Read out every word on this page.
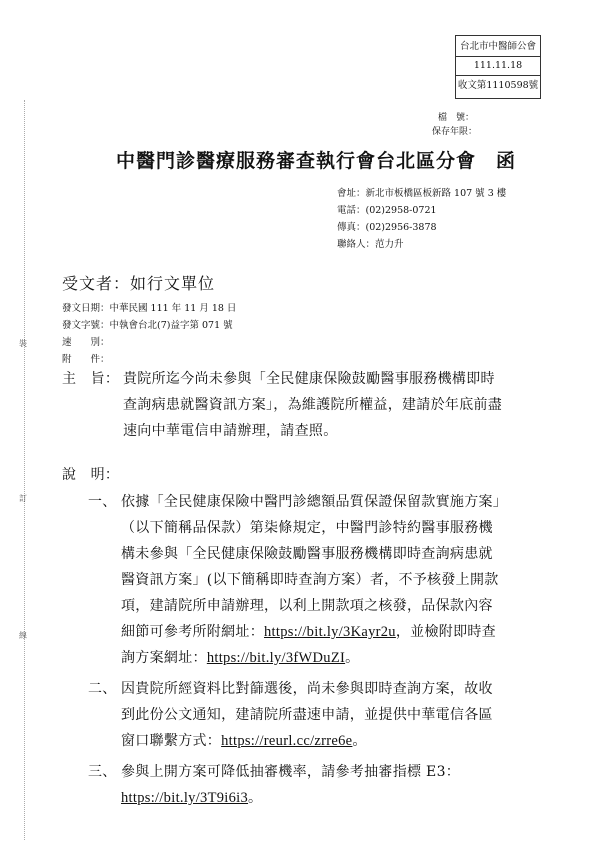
裝
訂
線
台北市中醫師公會
111.11.18
收文第1110598號
檔　號：
保存年限：
中醫門診醫療服務審查執行會台北區分會　函
會址：新北市板橋區板新路 107 號 3 樓
電話：(02)2958-0721
傳真：(02)2956-3878
聯絡人：范力升
受文者：如行文單位
發文日期：中華民國 111 年 11 月 18 日
發文字號：中執會台北(7)益字第 071 號
速　　別：
附　　件：
主　旨： 貴院所迄今尚未參與「全民健康保險鼓勵醫事服務機構即時
查詢病患就醫資訊方案」，為維護院所權益，建請於年底前盡
速向中華電信申請辦理，請查照。
說　明：
一、 依據「全民健康保險中醫門診總額品質保證保留款實施方案」
（以下簡稱品保款）第柒條規定，中醫門診特約醫事服務機
構未參與「全民健康保險鼓勵醫事服務機構即時查詢病患就
醫資訊方案」(以下簡稱即時查詢方案）者，不予核發上開款
項，建請院所申請辦理，以利上開款項之核發，品保款內容
細節可參考所附網址：https://bit.ly/3Kayr2u，並檢附即時查
詢方案網址：https://bit.ly/3fWDuZI。
二、 因貴院所經資料比對篩選後，尚未參與即時查詢方案，故收
到此份公文通知，建請院所盡速申請，並提供中華電信各區
窗口聯繫方式：https://reurl.cc/zrre6e。
三、 參與上開方案可降低抽審機率，請參考抽審指標 E3：
https://bit.ly/3T9i6i3。
